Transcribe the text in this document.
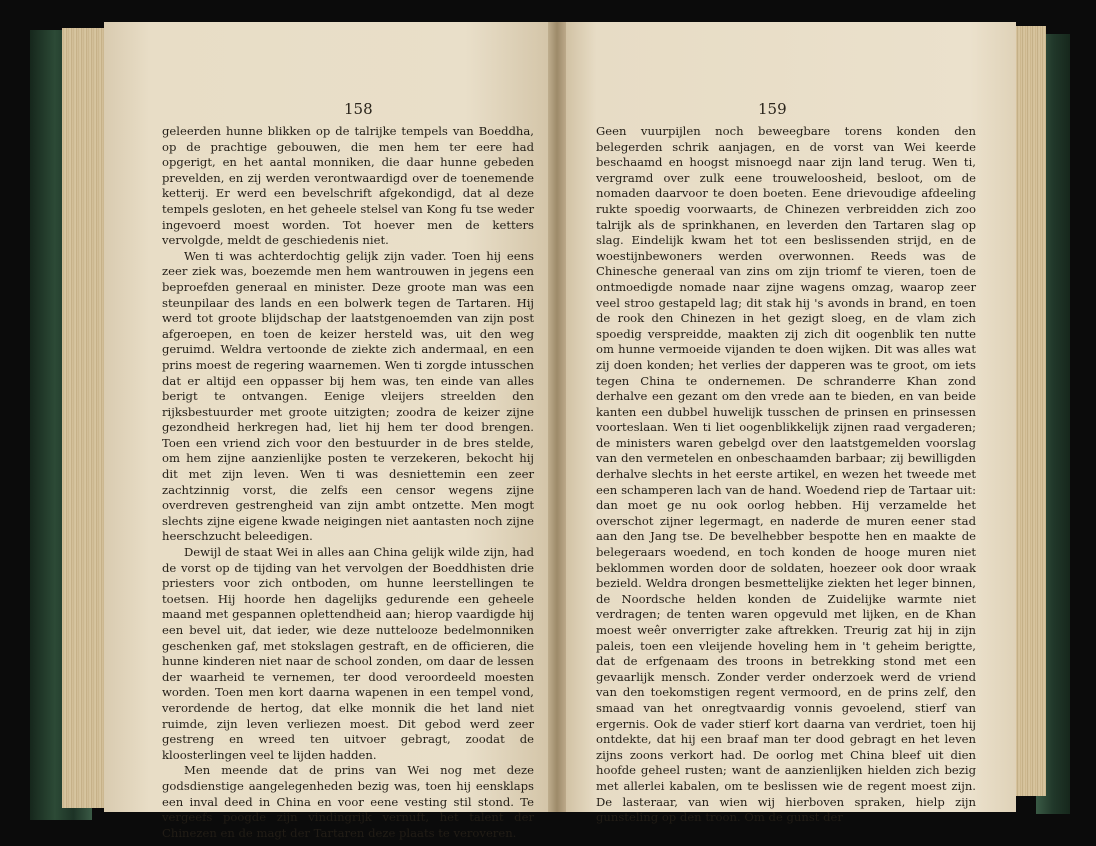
158

geleerden hunne blikken op de talrijke tempels van Boeddha, op de prachtige gebouwen, die men hem ter eere had opgerigt, en het aantal monniken, die daar hunne gebeden prevelden, en zij werden verontwaardigd over de toenemende ketterij. Er werd een bevelschrift afgekondigd, dat al deze tempels gesloten, en het geheele stelsel van Kong fu tse weder ingevoerd moest worden. Tot hoever men de ketters vervolgde, meldt de geschiedenis niet.

Wen ti was achterdochtig gelijk zijn vader. Toen hij eens zeer ziek was, boezemde men hem wantrouwen in jegens een beproefden generaal en minister. Deze groote man was een steunpilaar des lands en een bolwerk tegen de Tartaren. Hij werd tot groote blijdschap der laatstgenoemden van zijn post afgeroepen, en toen de keizer hersteld was, uit den weg geruimd. Weldra vertoonde de ziekte zich andermaal, en een prins moest de regering waarnemen. Wen ti zorgde intusschen dat er altijd een oppasser bij hem was, ten einde van alles berigt te ontvangen. Eenige vleijers streelden den rijksbestuurder met groote uitzigten; zoodra de keizer zijne gezondheid herkregen had, liet hij hem ter dood brengen. Toen een vriend zich voor den bestuurder in de bres stelde, om hem zijne aanzienlijke posten te verzekeren, bekocht hij dit met zijn leven. Wen ti was desniettemin een zeer zachtzinnig vorst, die zelfs een censor wegens zijne overdreven gestrengheid van zijn ambt ontzette. Men mogt slechts zijne eigene kwade neigingen niet aantasten noch zijne heerschzucht beleedigen.

Dewijl de staat Wei in alles aan China gelijk wilde zijn, had de vorst op de tijding van het vervolgen der Boeddhisten drie priesters voor zich ontboden, om hunne leerstellingen te toetsen. Hij hoorde hen dagelijks gedurende een geheele maand met gespannen oplettendheid aan; hierop vaardigde hij een bevel uit, dat ieder, wie deze nuttelooze bedelmonniken geschenken gaf, met stokslagen gestraft, en de officieren, die hunne kinderen niet naar de school zonden, om daar de lessen der waarheid te vernemen, ter dood veroordeeld moesten worden. Toen men kort daarna wapenen in een tempel vond, verordende de hertog, dat elke monnik die het land niet ruimde, zijn leven verliezen moest. Dit gebod werd zeer gestreng en wreed ten uitvoer gebragt, zoodat de kloosterlingen veel te lijden hadden.

Men meende dat de prins van Wei nog met deze godsdienstige aangelegenheden bezig was, toen hij eensklaps een inval deed in China en voor eene vesting stil stond. Te vergeefs poogde zijn vindingrijk vernuft, het talent der Chinezen en de magt der Tartaren deze plaats te veroveren.

159

Geen vuurpijlen noch beweegbare torens konden den belegerden schrik aanjagen, en de vorst van Wei keerde beschaamd en hoogst misnoegd naar zijn land terug. Wen ti, vergramd over zulk eene trouweloosheid, besloot, om de nomaden daarvoor te doen boeten. Eene drievoudige afdeeling rukte spoedig voorwaarts, de Chinezen verbreidden zich zoo talrijk als de sprinkhanen, en leverden den Tartaren slag op slag. Eindelijk kwam het tot een beslissenden strijd, en de woestijnbewoners werden overwonnen. Reeds was de Chinesche generaal van zins om zijn triomf te vieren, toen de ontmoedigde nomade naar zijne wagens omzag, waarop zeer veel stroo gestapeld lag; dit stak hij 's avonds in brand, en toen de rook den Chinezen in het gezigt sloeg, en de vlam zich spoedig verspreidde, maakten zij zich dit oogenblik ten nutte om hunne vermoeide vijanden te doen wijken. Dit was alles wat zij doen konden; het verlies der dapperen was te groot, om iets tegen China te ondernemen. De schranderre Khan zond derhalve een gezant om den vrede aan te bieden, en van beide kanten een dubbel huwelijk tusschen de prinsen en prinsessen voorteslaan. Wen ti liet oogenblikkelijk zijnen raad vergaderen; de ministers waren gebelgd over den laatstgemelden voorslag van den vermetelen en onbeschaamden barbaar; zij bewilligden derhalve slechts in het eerste artikel, en wezen het tweede met een schamperen lach van de hand. Woedend riep de Tartaar uit: dan moet ge nu ook oorlog hebben. Hij verzamelde het overschot zijner legermagt, en naderde de muren eener stad aan den Jang tse. De bevelhebber bespotte hen en maakte de belegeraars woedend, en toch konden de hooge muren niet beklommen worden door de soldaten, hoezeer ook door wraak bezield. Weldra drongen besmettelijke ziekten het leger binnen, de Noordsche helden konden de Zuidelijke warmte niet verdragen; de tenten waren opgevuld met lijken, en de Khan moest weêr onverrigter zake aftrekken. Treurig zat hij in zijn paleis, toen een vleijende hoveling hem in 't geheim berigtte, dat de erfgenaam des troons in betrekking stond met een gevaarlijk mensch. Zonder verder onderzoek werd de vriend van den toekomstigen regent vermoord, en de prins zelf, den smaad van het onregtvaardig vonnis gevoelend, stierf van ergernis. Ook de vader stierf kort daarna van verdriet, toen hij ontdekte, dat hij een braaf man ter dood gebragt en het leven zijns zoons verkort had. De oorlog met China bleef uit dien hoofde geheel rusten; want de aanzienlijken hielden zich bezig met allerlei kabalen, om te beslissen wie de regent moest zijn. De lasteraar, van wien wij hierboven spraken, hielp zijn gunsteling op den troon. Om de gunst der
